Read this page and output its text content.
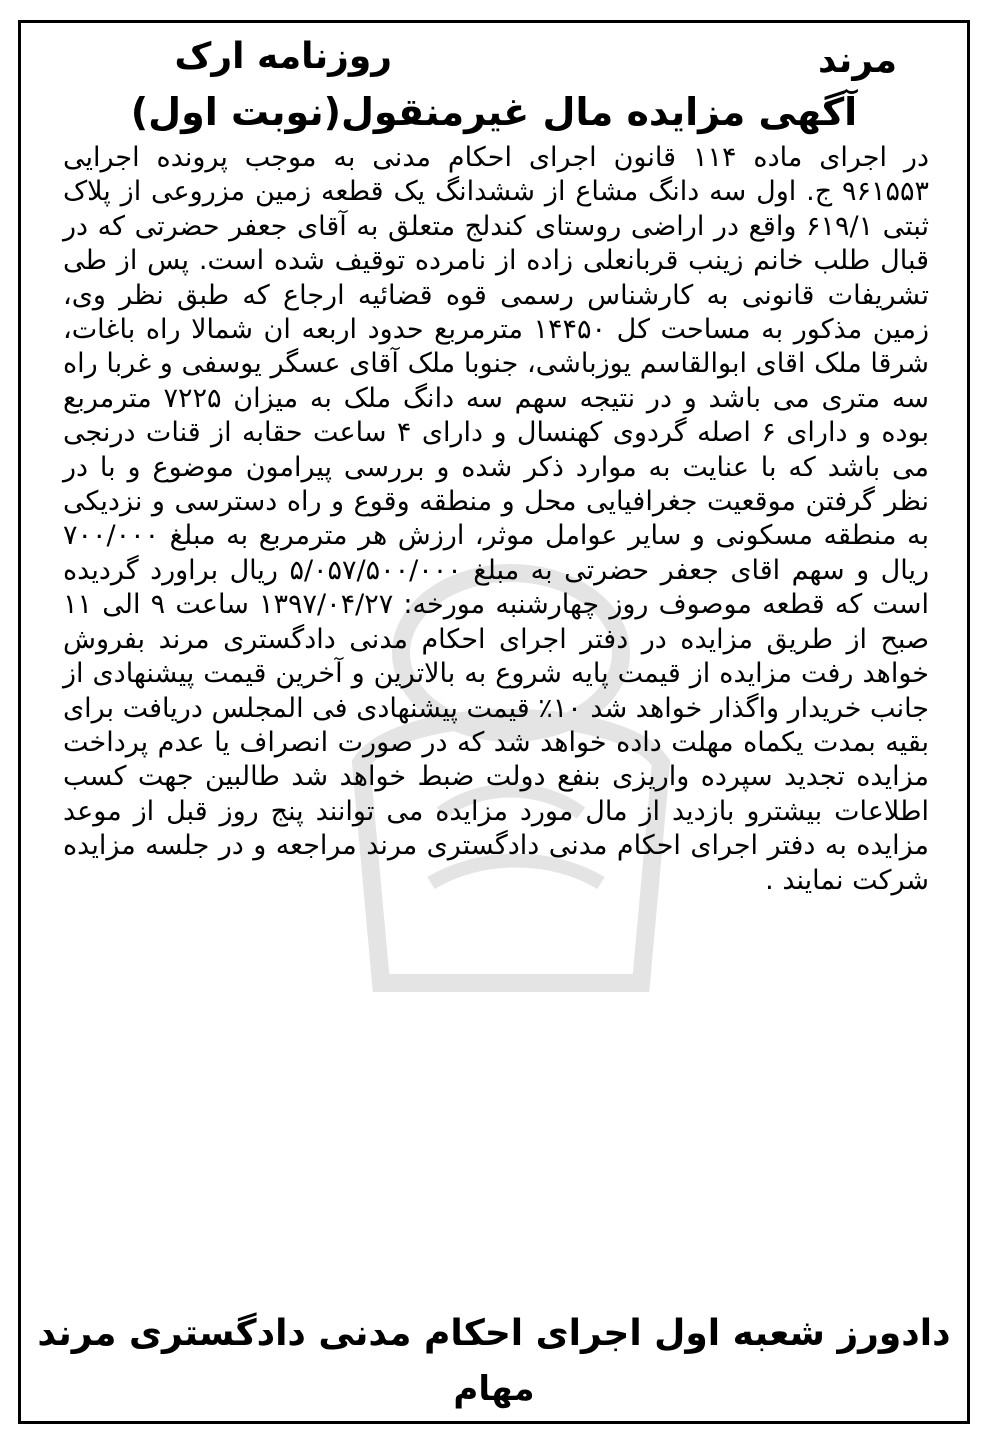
مرند
روزنامه ارک
آگهی مزایده مال غیرمنقول(نوبت اول)
در اجرای ماده ۱۱۴ قانون اجرای احکام مدنی به موجب پرونده اجرایی ۹۶۱۵۵۳ ج. اول سه دانگ مشاع از ششدانگ یک قطعه زمین مزروعی از پلاک ثبتی ۶۱۹/۱ واقع در اراضی روستای کندلج متعلق به آقای جعفر حضرتی که در قبال طلب خانم زینب قربانعلی زاده از نامرده توقیف شده است. پس از طی تشریفات قانونی به کارشناس رسمی قوه قضائیه ارجاع که طبق نظر وی، زمین مذکور به مساحت کل ۱۴۴۵۰ مترمربع حدود اربعه ان شمالا راه باغات، شرقا ملک اقای ابوالقاسم یوزباشی، جنوبا ملک آقای عسگر یوسفی و غربا راه سه متری می باشد و در نتیجه سهم سه دانگ ملک به میزان ۷۲۲۵ مترمربع بوده و دارای ۶ اصله گردوی کهنسال و دارای ۴ ساعت حقابه از قنات درنجی می باشد که با عنایت به موارد ذکر شده و بررسی پیرامون موضوع و با در نظر گرفتن موقعیت جغرافیایی محل و منطقه وقوع و راه دسترسی و نزدیکی به منطقه مسکونی و سایر عوامل موثر، ارزش هر مترمربع به مبلغ ۷۰۰/۰۰۰ ریال و سهم اقای جعفر حضرتی به مبلغ ۵/۰۵۷/۵۰۰/۰۰۰ ریال براورد گردیده است که قطعه موصوف روز چهارشنبه مورخه: ۱۳۹۷/۰۴/۲۷ ساعت ۹ الی ۱۱ صبح از طریق مزایده در دفتر اجرای احکام مدنی دادگستری مرند بفروش خواهد رفت مزایده از قیمت پایه شروع به بالاترین و آخرین قیمت پیشنهادی از جانب خریدار واگذار خواهد شد ۱۰٪ قیمت پیشنهادی فی المجلس دریافت برای بقیه بمدت یکماه مهلت داده خواهد شد که در صورت انصراف یا عدم پرداخت مزایده تجدید سپرده واریزی بنفع دولت ضبط خواهد شد طالبین جهت کسب اطلاعات بیشترو بازدید از مال مورد مزایده می توانند پنج روز قبل از موعد مزایده به دفتر اجرای احکام مدنی دادگستری مرند مراجعه و در جلسه مزایده شرکت نمایند .
دادورز شعبه اول اجرای احکام مدنی دادگستری مرند
مهام
